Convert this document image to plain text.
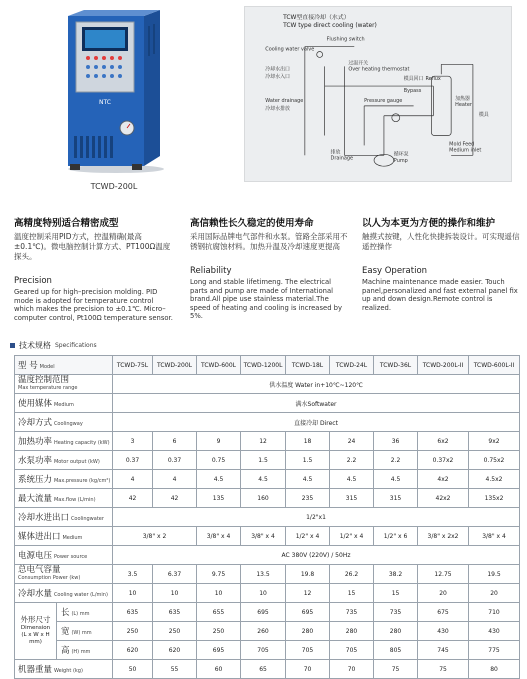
NTC
TCWD-200L
TCW型直接冷却（水式）
TCW type direct cooling (water)
Flushing switch
Cooling water valve
冷却水出口
冷却水入口
Water drainage
冷却水排放
过温开关
Over heating thermostat
Pressure gauge
排放
Drainage
循环泵
Pump
模具回口 Reflux
Bypass
Heater
Mold Feed
Medium inlet
加热器
模具
高精度特别适合精密成型
温度控制采用PID方式，控温精确(最高±0.1℃)。微电脑控制计算方式、PT100Ω温度探头。
Precision
Geared up for high–precision molding. PID mode is adopted for temperature control which makes the precision to ±0.1℃. Micro–computer control, Pt100Ω temperature sensor.
高信赖性长久稳定的使用寿命
采用国际品牌电气部件和水泵。管路全部采用不锈钢抗腐蚀材料。加热升温及冷却速度更提高
Reliability
Long and stable lifetimeng. The electrical parts and pump are made of International brand.All pipe use stainless material.The speed of heating and cooling is increased by 5%.
以人为本更为方便的操作和维护
触摸式按键，人性化快捷拆装设计。可实现遥信遥控操作
Easy Operation
Machine maintenance made easier. Touch panel,personalized and fast external panel fix up and down design.Remote control is realized.
技术规格 Specifications
型 号 Model		TCWD-75L	TCWD-200L	TCWD-600L	TCWD-1200L	TCWD-18L	TCWD-24L	TCWD-36L	TCWD-200L-II	TCWD-600L-II
温度控制范围
Max temperature range		供水温度 Water in+10℃~120℃								
使用媒体 Medium		满水Softwater								
冷却方式 Coolingway		直接冷却 Direct								
加热功率 Heating capacity (kW)		3	6	9	12	18	24	36	6x2	9x2
水泵功率 Motor output (kW)		0.37	0.37	0.75	1.5	1.5	2.2	2.2	0.37x2	0.75x2
系统压力 Max.pressure (kg/cm²)		4	4	4.5	4.5	4.5	4.5	4.5	4x2	4.5x2
最大流量 Max.flow (L/min)		42	42	135	160	235	315	315	42x2	135x2
冷却水进出口 Coolingwater		1/2"x1								
媒体进出口 Medium		3/8" x 2		3/8" x 4	3/8" x 4	1/2" x 4	1/2" x 4	1/2" x 6	3/8" x 2x2	3/8" x 4
电源电压 Power source		AC 380V (220V) / 50Hz								
总电气容量
Consumption Power (kw)		3.5	6.37	9.75	13.5	19.8	26.2	38.2	12.75	19.5
冷却水量 Cooling water (L/min)		10	10	10	10	12	15	15	20	20
外形尺寸
Dimension
(L x W x H mm)	长 (L) mm	635	635	655	695	695	735	735	675	710
	宽 (W) mm	250	250	250	260	280	280	280	430	430
	高 (H) mm	620	620	695	705	705	705	805	745	775
机器重量 Weight (kg)		50	55	60	65	70	70	75	75	80
